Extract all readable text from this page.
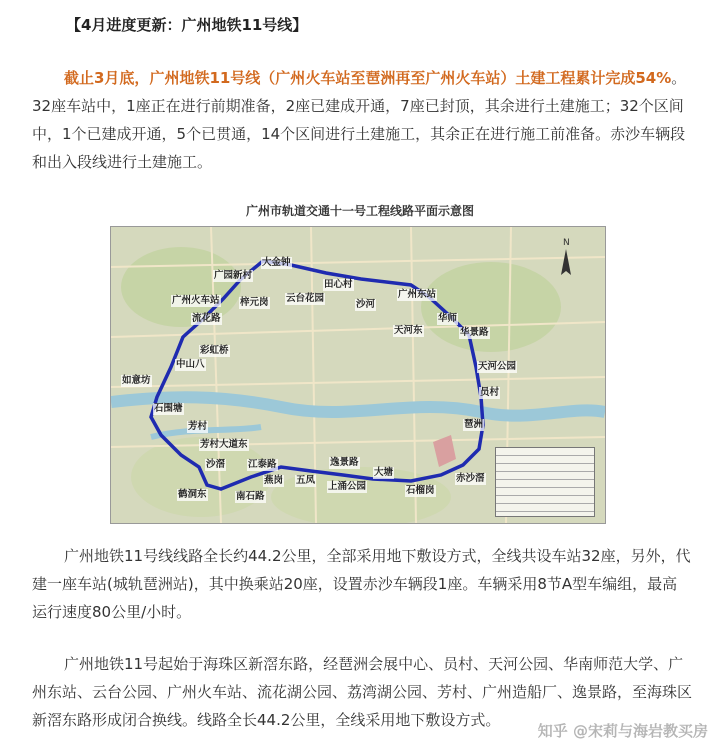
【4月进度更新：广州地铁11号线】
截止3月底，广州地铁11号线（广州火车站至琶洲再至广州火车站）土建工程累计完成54%。32座车站中，1座正在进行前期准备，2座已建成开通，7座已封顶，其余进行土建施工；32个区间中，1个已建成开通，5个已贯通，14个区间进行土建施工，其余正在进行施工前准备。赤沙车辆段和出入段线进行土建施工。
广州市轨道交通十一号工程线路平面示意图
N
大金钟
广园新村
田心村
广州火车站 梓元岗 云台花园
沙河
广州东站
流花路
天河东
华师
华景路
彩虹桥
中山八	天河公园
如意坊
员村
石围塘
琶洲
芳村
芳村大道东
沙滘 江泰路	逸景路
大塘
燕岗 五凤
上涌公园	石榴岗
赤沙滘
鹤洞东	南石路
广州地铁11号线线路全长约44.2公里，全部采用地下敷设方式，全线共设车站32座，另外，代建一座车站(城轨琶洲站)，其中换乘站20座，设置赤沙车辆段1座。车辆采用8节A型车编组，最高运行速度80公里/小时。
广州地铁11号起始于海珠区新滘东路，经琶洲会展中心、员村、天河公园、华南师范大学、广州东站、云台公园、广州火车站、流花湖公园、荔湾湖公园、芳村、广州造船厂、逸景路，至海珠区新滘东路形成闭合换线。线路全长44.2公里，全线采用地下敷设方式。
知乎 @宋莉与海岩教买房
